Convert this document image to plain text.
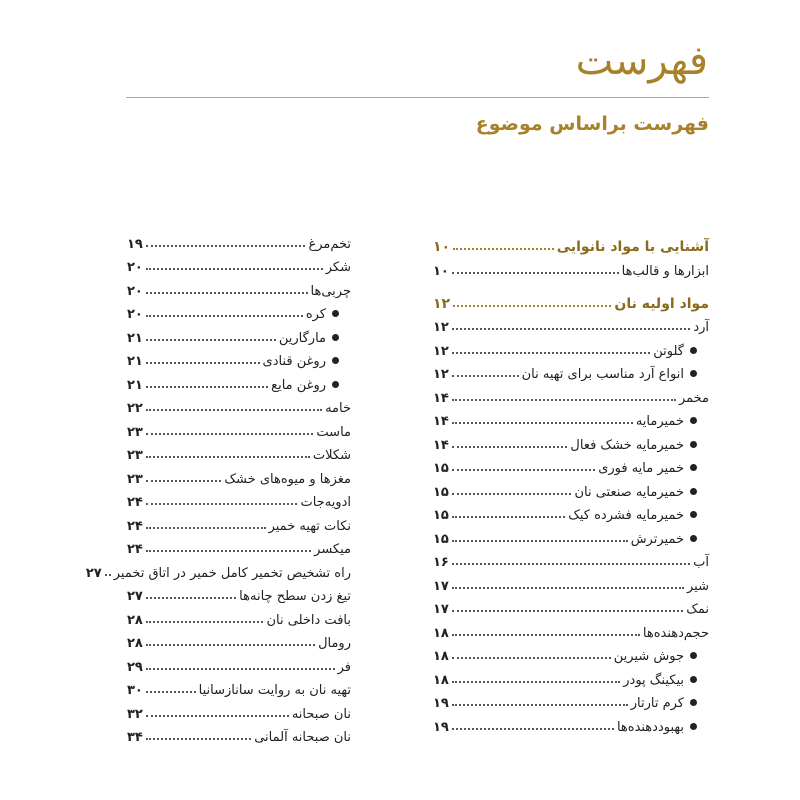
فهرست
فهرست براساس موضوع
آشنایی با مواد نانوایی
۱۰
ابزارها و قالب‌ها
۱۰
مواد اولیه نان
۱۲
آرد
۱۲
گلوتن
۱۲
انواع آرد مناسب برای تهیه نان
۱۲
مخمر
۱۴
خمیرمایه
۱۴
خمیرمایه خشک فعال
۱۴
خمیر مایه فوری
۱۵
خمیرمایه صنعتی نان
۱۵
خمیرمایه فشرده کیک
۱۵
خمیرترش
۱۵
آب
۱۶
شیر
۱۷
نمک
۱۷
حجم‌دهنده‌ها
۱۸
جوش شیرین
۱۸
بیکینگ پودر
۱۸
کرم تارتار
۱۹
بهبوددهنده‌ها
۱۹
تخم‌مرغ
۱۹
شکر
۲۰
چربی‌ها
۲۰
کره
۲۰
مارگارین
۲۱
روغن قنادی
۲۱
روغن مایع
۲۱
خامه
۲۲
ماست
۲۳
شکلات
۲۳
مغزها و میوه‌های خشک
۲۳
ادویه‌جات
۲۴
نکات تهیه خمیر
۲۴
میکسر
۲۴
راه تشخیص تخمیر کامل خمیر در اتاق تخمیر
۲۷
تیغ زدن سطح چانه‌ها
۲۷
بافت داخلی نان
۲۸
رومال
۲۸
فر
۲۹
تهیه نان به روایت سانازسانیا
۳۰
نان صبحانه
۳۲
نان صبحانه آلمانی
۳۴
